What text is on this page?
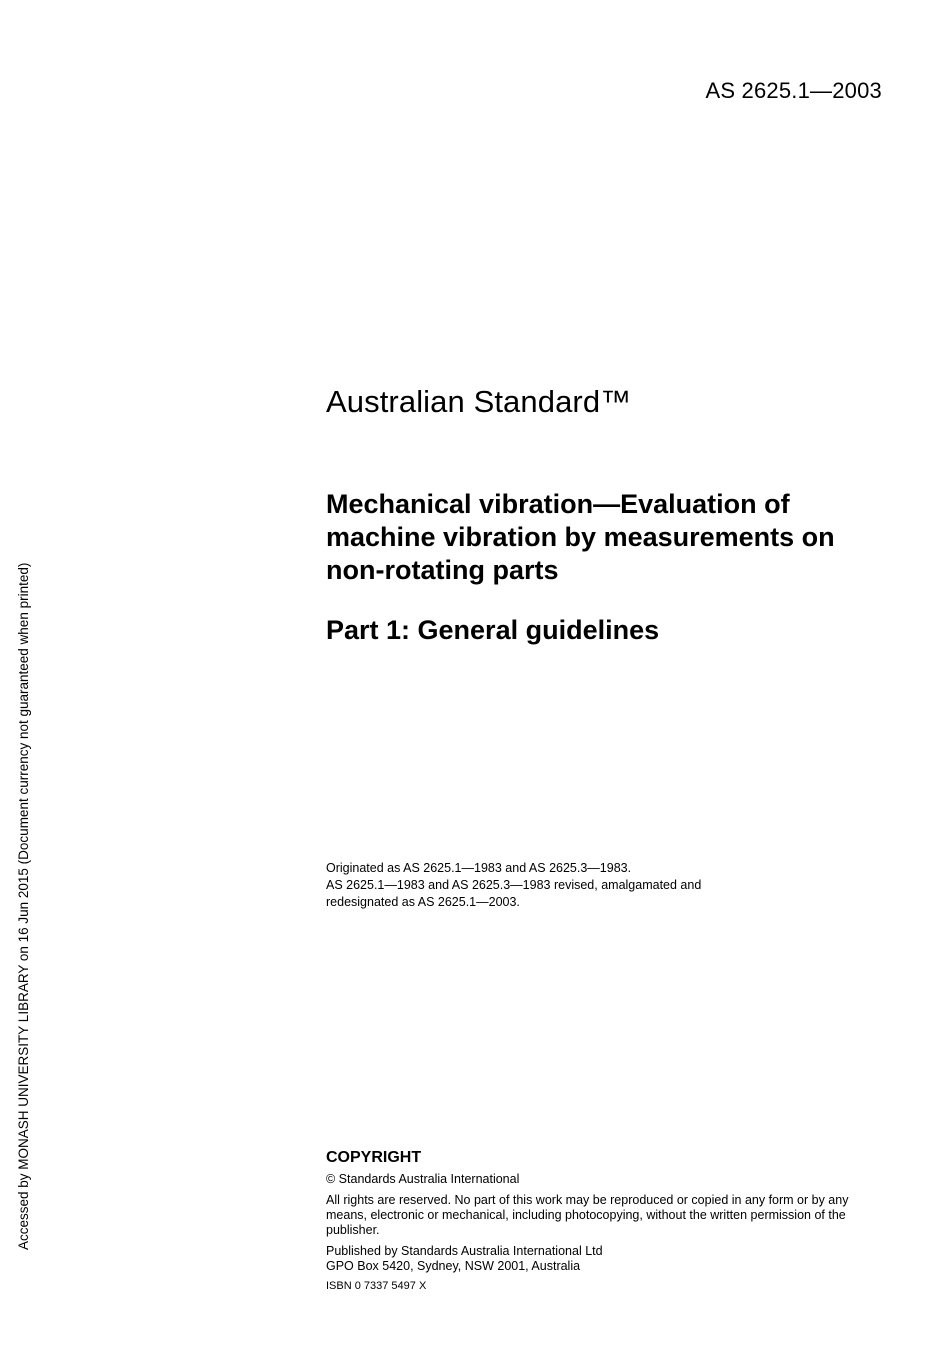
AS 2625.1—2003
Accessed by MONASH UNIVERSITY LIBRARY on 16 Jun 2015 (Document currency not guaranteed when printed)
Australian Standard™
Mechanical vibration—Evaluation of
machine vibration by measurements on
non-rotating parts
Part 1: General guidelines
Originated as AS 2625.1—1983 and AS 2625.3—1983.
AS 2625.1—1983 and AS 2625.3—1983 revised, amalgamated and
redesignated as AS 2625.1—2003.
COPYRIGHT

© Standards Australia International

All rights are reserved. No part of this work may be reproduced or copied in any form or by any
means, electronic or mechanical, including photocopying, without the written permission of the
publisher.

Published by Standards Australia International Ltd
GPO Box 5420, Sydney, NSW 2001, Australia

ISBN 0 7337 5497 X
